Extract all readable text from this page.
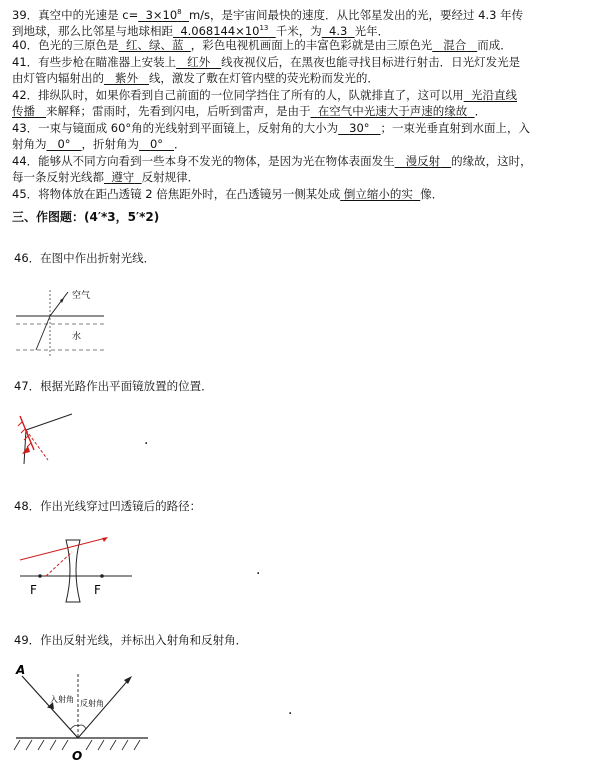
39．真空中的光速是 $c= 3\times 10^8$ m/s，是宇宙间最快的速度．从比邻星发出的光，要经过 4.3 年传
到地球，那么比邻星与地球相距 $4.068144\times 10^{13}$ 千米，为 4.3 光年．
40．色光的三原色是 红、绿、蓝 ，彩色电视机画面上的丰富色彩就是由三原色光 混合 而成．
41．有些步枪在瞄准器上安装上 红外 线夜视仪后，在黑夜也能寻找目标进行射击．日光灯发光是
由灯管内辐射出的 紫外 线，激发了敷在灯管内壁的荧光粉而发光的．
42．排纵队时，如果你看到自己前面的一位同学挡住了所有的人，队就排直了，这可以用 光沿直线
传播 来解释；雷雨时，先看到闪电，后听到雷声，是由于 在空气中光速大于声速的缘故 ．
43．一束与镜面成 60°角的光线射到平面镜上，反射角的大小为 30° ；一束光垂直射到水面上，入
射角为 0° ，折射角为 0° ．
44．能够从不同方向看到一些本身不发光的物体，是因为光在物体表面发生 漫反射 的缘故，这时，
每一条反射光线都 遵守 反射规律．
45．将物体放在距凸透镜 2 倍焦距外时，在凸透镜另一侧某处成 倒立缩小的实 像．
三、作图题：(4′*3，5′*2)
46．在图中作出折射光线．
空气
水
47．根据光路作出平面镜放置的位置．
.
48．作出光线穿过凹透镜后的路径：
F	F
.
49．作出反射光线，并标出入射角和反射角．
A
入射角 反射角
O
.
